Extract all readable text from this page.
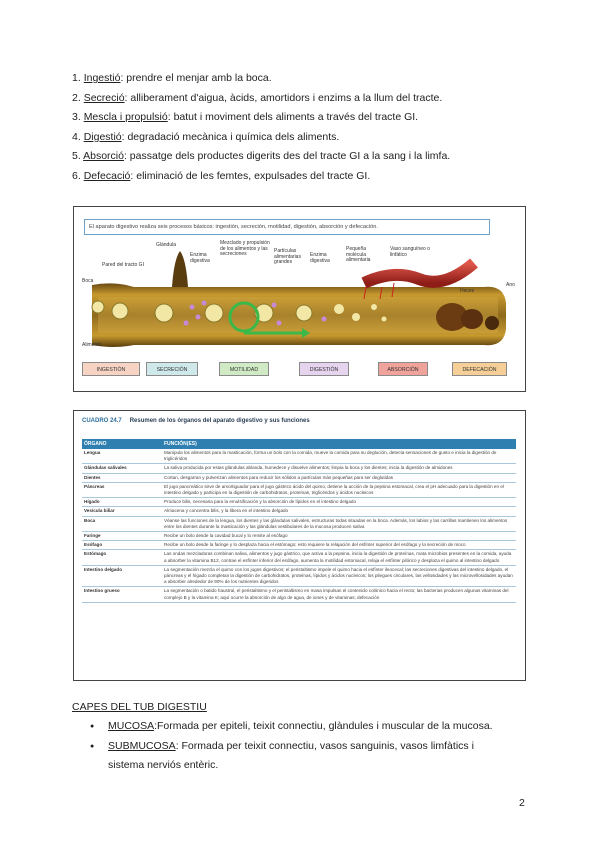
1. Ingestió: prendre el menjar amb la boca.
2. Secreció: alliberament d'aigua, àcids, amortidors i enzims a la llum del tracte.
3. Mescla i propulsió: batut i moviment dels aliments a través del tracte GI.
4. Digestió: degradació mecànica i química dels aliments.
5. Absorció: passatge dels productes digerits des del tracte GI a la sang i la limfa.
6. Defecació: eliminació de les femtes, expulsades del tracte GI.
El aparato digestivo realiza seis procesos básicos: ingestión, secreción, motilidad, digestión, absorción y defecación.
Boca
Pared del tracto GI
Glándula
Enzima digestiva
Mezclado y propulsión de los alimentos y las secreciones
Partículas alimentarias grandes
Enzima digestiva
Pequeña molécula alimentaria
Vaso sanguíneo o linfático
Heces
Ano
Alimento
INGESTIÓN	SECRECIÓN	MOTILIDAD	DIGESTIÓN	ABSORCIÓN	DEFECACIÓN
CUADRO 24.7 Resumen de los órganos del aparato digestivo y sus funciones
ÓRGANO	FUNCIÓN(ES)
Lengua	Manipula los alimentos para la masticación, forma un bolo con la comida, mueve la comida para su deglución, detecta sensaciones de gusto e inicia la digestión de triglicéridos
Glándulas salivales	La saliva producida por estas glándulas ablanda, humedece y disuelve alimentos; limpia la boca y los dientes; inicia la digestión de almidones
Dientes	Cortan, desgarran y pulverizan alimentos para reducir los sólidos a partículas más pequeñas para ser deglutidas
Páncreas	El jugo pancreático sirve de amortiguador para el jugo gástrico ácido del quimo, detiene la acción de la pepsina estomacal, crea el pH adecuado para la digestión en el intestino delgado y participa en la digestión de carbohidratos, proteínas, triglicéridos y ácidos nucleicos
Hígado	Produce bilis, necesaria para la emulsificación y la absorción de lípidos en el intestino delgado
Vesícula biliar	Almacena y concentra bilis, y la libera en el intestino delgado
Boca	Véanse las funciones de la lengua, los dientes y las glándulas salivales, estructuras todas situadas en la boca. Además, los labios y las carrillas mantienen los alimentos entre los dientes durante la masticación y las glándulas vestibulares de la mucosa producen saliva
Faringe	Recibe un bolo desde la cavidad bucal y lo remite al esófago
Esófago	Recibe un bolo desde la faringe y lo desplaza hacia el estómago; esto requiere la relajación del esfínter superior del esófago y la secreción de moco
Estómago	Las ondas mezcladoras combinan saliva, alimentos y jugo gástrico, que activa a la pepsina, inicia la digestión de proteínas, mata microbios presentes en la comida, ayuda a absorber la vitamina B12, contrae el esfínter inferior del esófago, aumenta la motilidad estomacal, relaja el esfínter pilórico y desplaza el quimo al intestino delgado
Intestino delgado	La segmentación mezcla el quimo con los jugos digestivos; el peristaltismo impele el quimo hacia el esfínter ileocecal; las secreciones digestivas del intestino delgado, el páncreas y el hígado completan la digestión de carbohidratos, proteínas, lípidos y ácidos nucleicos; los pliegues circulares, las vellosidades y las microvellosidades ayudan a absorber alrededor de 90% de los nutrientes digeridos
Intestino grueso	La segmentación o batido haustral, el peristaltismo y el peristaltismo en masa impulsan el contenido colónico hacia el recto; las bacterias producen algunas vitaminas del complejo B y la vitamina K; aquí ocurre la absorción de algo de agua, de iones y de vitaminas; defecación
CAPES DEL TUB DIGESTIU
● MUCOSA:Formada per epiteli, teixit connectiu, glàndules i muscular de la mucosa.
● SUBMUCOSA: Formada per teixit connectiu, vasos sanguinis, vasos limfàtics i
sistema nerviós entèric.
2
